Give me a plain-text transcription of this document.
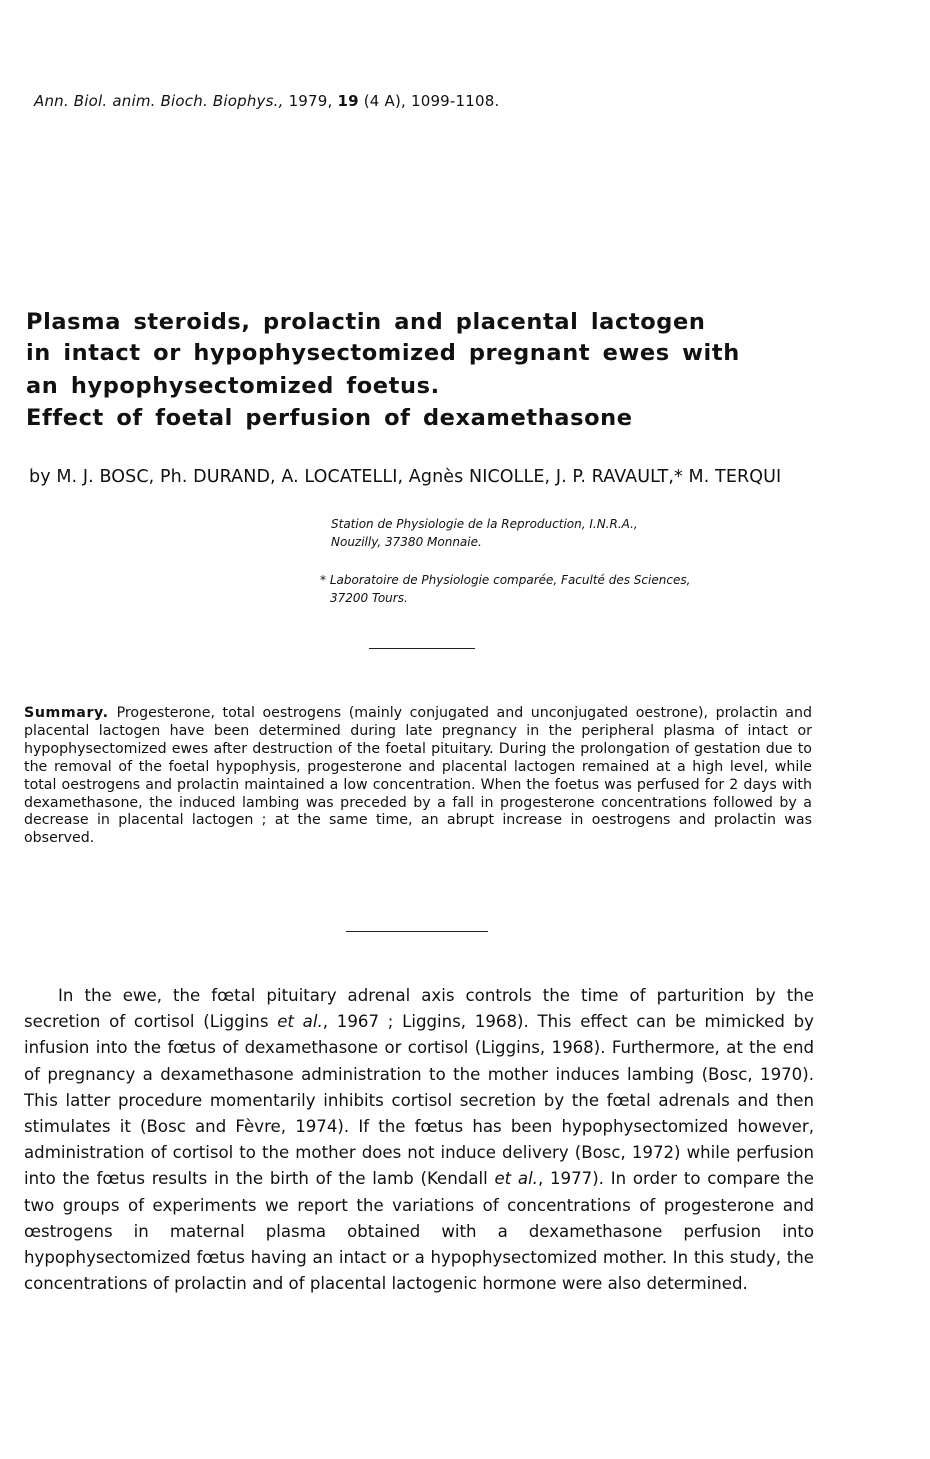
Ann. Biol. anim. Bioch. Biophys., 1979, 19 (4 A), 1099-1108.
Plasma steroids, prolactin and placental lactogen
in intact or hypophysectomized pregnant ewes with
an hypophysectomized foetus.
Effect of foetal perfusion of dexamethasone
by M. J. BOSC, Ph. DURAND, A. LOCATELLI, Agnès NICOLLE, J. P. RAVAULT,* M. TERQUI
Station de Physiologie de la Reproduction, I.N.R.A.,
Nouzilly, 37380 Monnaie.
* Laboratoire de Physiologie comparée, Faculté des Sciences,
37200 Tours.
Summary. Progesterone, total oestrogens (mainly conjugated and unconjugated oestrone), prolactin and placental lactogen have been determined during late pregnancy in the peripheral plasma of intact or hypophysectomized ewes after destruction of the foetal pituitary. During the prolongation of gestation due to the removal of the foetal hypophysis, progesterone and placental lactogen remained at a high level, while total oestrogens and prolactin maintained a low concentration. When the foetus was perfused for 2 days with dexamethasone, the induced lambing was preceded by a fall in progesterone concentrations followed by a decrease in placental lactogen ; at the same time, an abrupt increase in oestrogens and prolactin was observed.
In the ewe, the fœtal pituitary adrenal axis controls the time of parturition by the secretion of cortisol (Liggins et al., 1967 ; Liggins, 1968). This effect can be mimicked by infusion into the fœtus of dexamethasone or cortisol (Liggins, 1968). Furthermore, at the end of pregnancy a dexamethasone administration to the mother induces lambing (Bosc, 1970). This latter procedure momentarily inhibits cortisol secretion by the fœtal adrenals and then stimulates it (Bosc and Fèvre, 1974). If the fœtus has been hypophysectomized however, administration of cortisol to the mother does not induce delivery (Bosc, 1972) while perfusion into the fœtus results in the birth of the lamb (Kendall et al., 1977). In order to compare the two groups of experiments we report the variations of concentrations of progesterone and œstrogens in maternal plasma obtained with a dexamethasone perfusion into hypophysectomized fœtus having an intact or a hypophysectomized mother. In this study, the concentrations of prolactin and of placental lactogenic hormone were also determined.
